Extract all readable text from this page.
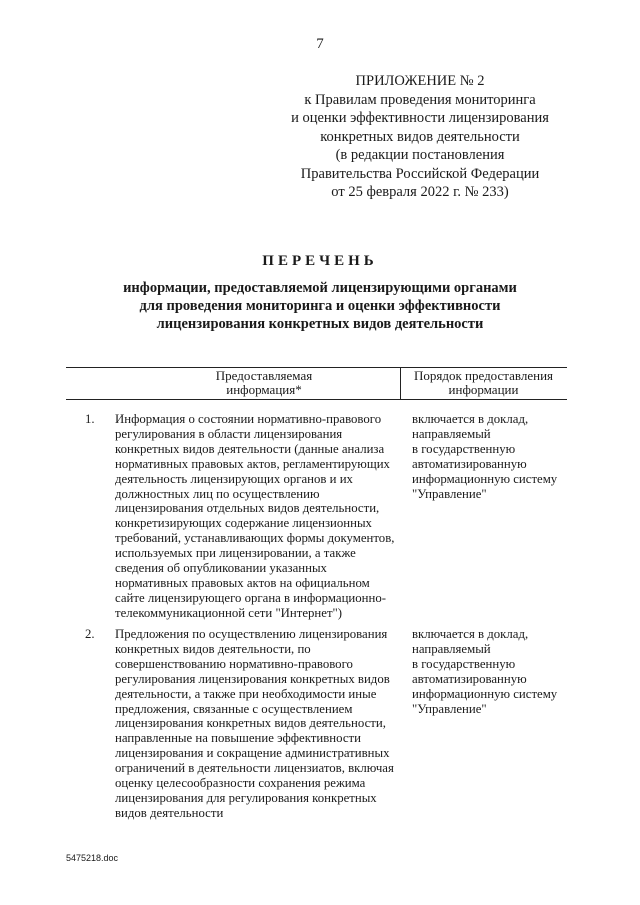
7
ПРИЛОЖЕНИЕ № 2
к Правилам проведения мониторинга
и оценки эффективности лицензирования
конкретных видов деятельности
(в редакции постановления
Правительства Российской Федерации
от 25 февраля 2022 г. № 233)
ПЕРЕЧЕНЬ
информации, предоставляемой лицензирующими органами
для проведения мониторинга и оценки эффективности
лицензирования конкретных видов деятельности
Предоставляемая
информация*
Порядок предоставления
информации
1. Информация о состоянии нормативно-правового
регулирования в области лицензирования
конкретных видов деятельности (данные анализа
нормативных правовых актов, регламентирующих
деятельность лицензирующих органов и их
должностных лиц по осуществлению
лицензирования отдельных видов деятельности,
конкретизирующих содержание лицензионных
требований, устанавливающих формы документов,
используемых при лицензировании, а также
сведения об опубликовании указанных
нормативных правовых актов на официальном
сайте лицензирующего органа в информационно-
телекоммуникационной сети "Интернет")
включается в доклад,
направляемый
в государственную
автоматизированную
информационную систему
"Управление"
2. Предложения по осуществлению лицензирования
конкретных видов деятельности, по
совершенствованию нормативно-правового
регулирования лицензирования конкретных видов
деятельности, а также при необходимости иные
предложения, связанные с осуществлением
лицензирования конкретных видов деятельности,
направленные на повышение эффективности
лицензирования и сокращение административных
ограничений в деятельности лицензиатов, включая
оценку целесообразности сохранения режима
лицензирования для регулирования конкретных
видов деятельности
включается в доклад,
направляемый
в государственную
автоматизированную
информационную систему
"Управление"
5475218.doc
